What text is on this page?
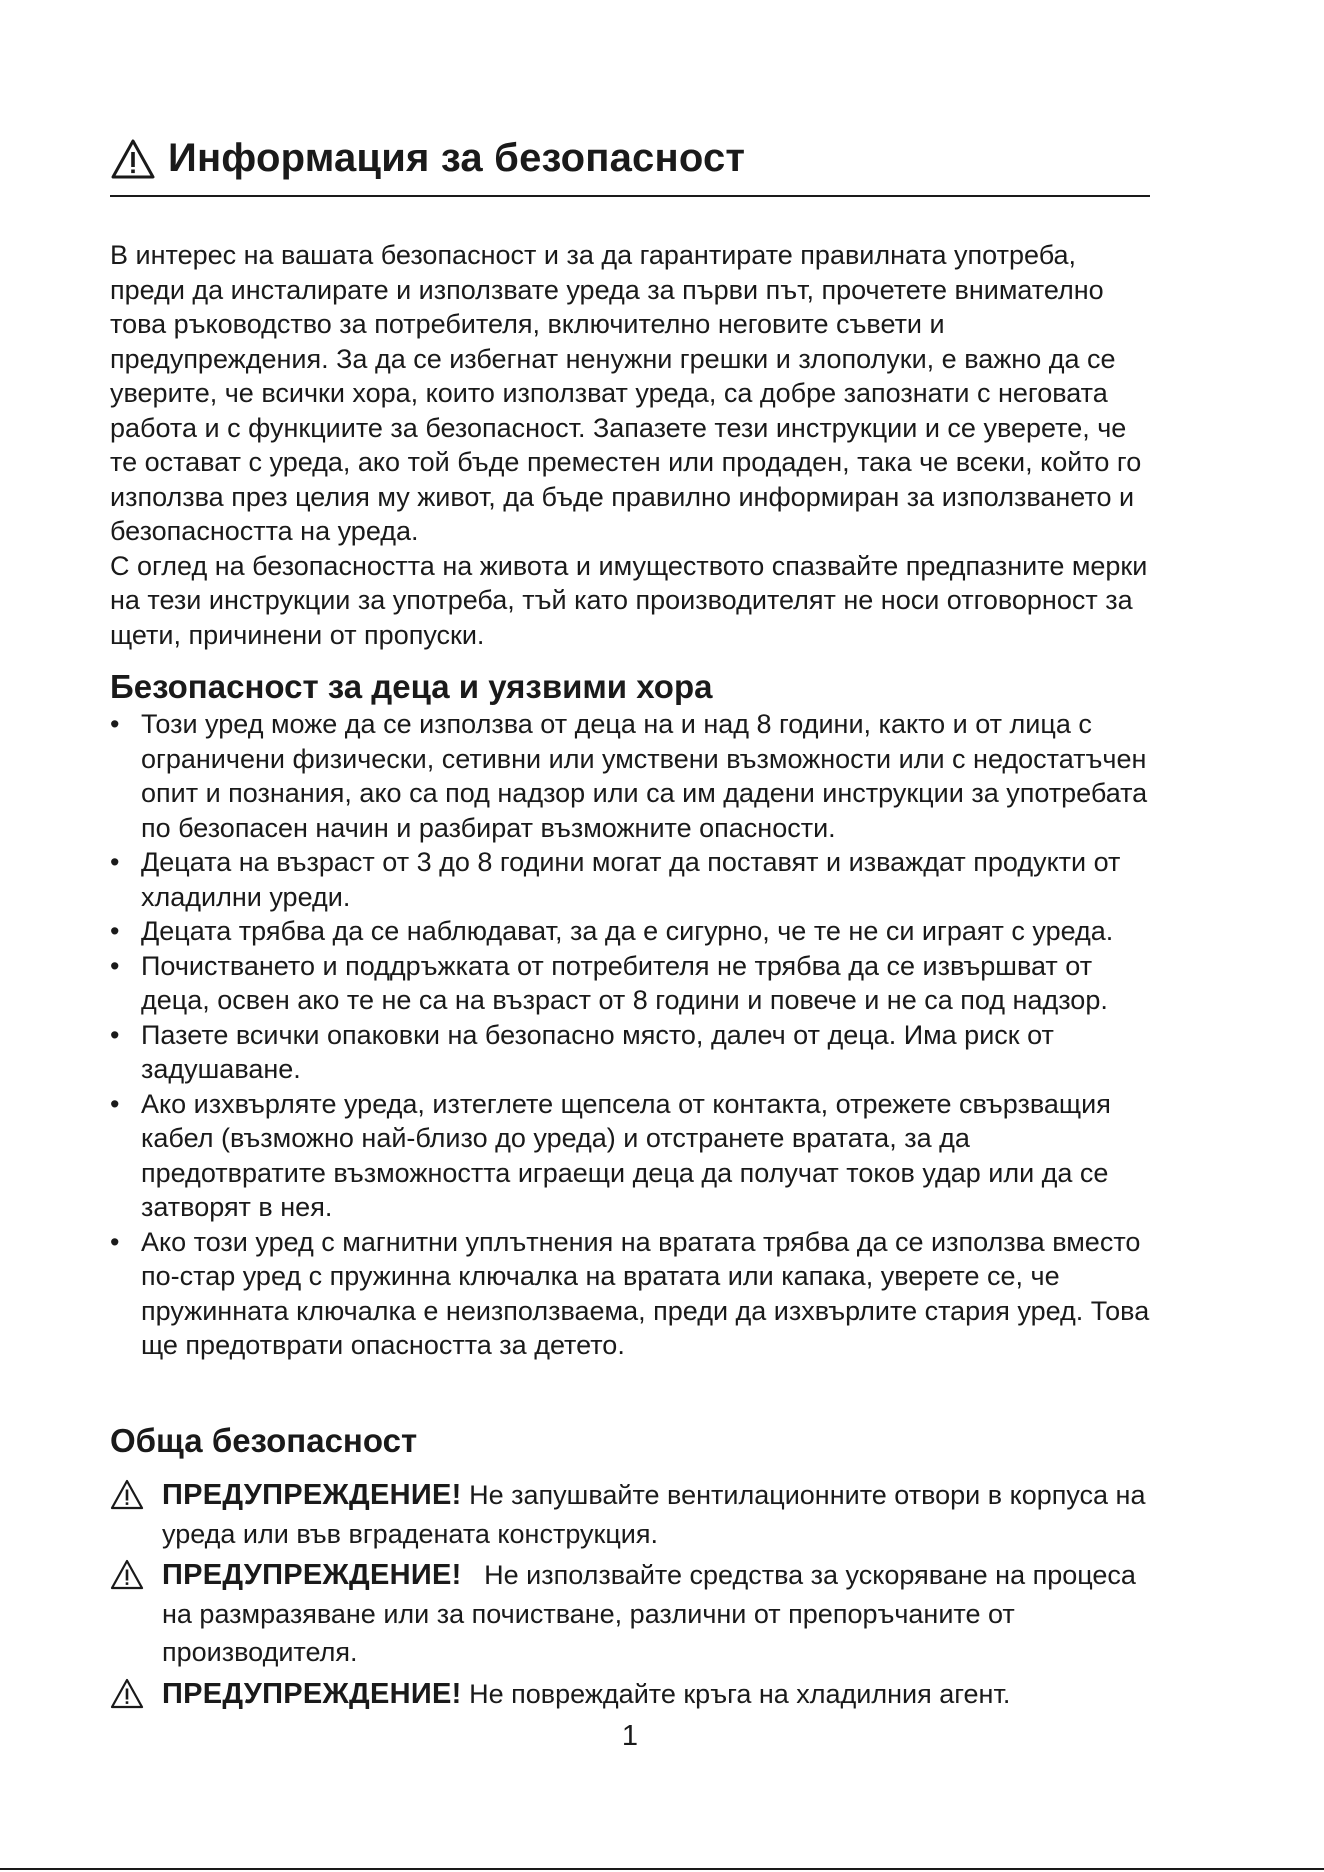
Информация за безопасност

В интерес на вашата безопасност и за да гарантирате правилната употреба, преди да инсталирате и използвате уреда за първи път, прочетете внимателно това ръководство за потребителя, включително неговите съвети и предупреждения. За да се избегнат ненужни грешки и злополуки, е важно да се уверите, че всички хора, които използват уреда, са добре запознати с неговата работа и с функциите за безопасност. Запазете тези инструкции и се уверете, че те остават с уреда, ако той бъде преместен или продаден, така че всеки, който го използва през целия му живот, да бъде правилно информиран за използването и безопасността на уреда.

С оглед на безопасността на живота и имуществото спазвайте предпазните мерки на тези инструкции за употреба, тъй като производителят не носи отговорност за щети, причинени от пропуски.

Безопасност за деца и уязвими хора
• Този уред може да се използва от деца на и над 8 години, както и от лица с ограничени физически, сетивни или умствени възможности или с недостатъчен опит и познания, ако са под надзор или са им дадени инструкции за употребата по безопасен начин и разбират възможните опасности.
• Децата на възраст от 3 до 8 години могат да поставят и изваждат продукти от хладилни уреди.
• Децата трябва да се наблюдават, за да е сигурно, че те не си играят с уреда.
• Почистването и поддръжката от потребителя не трябва да се извършват от деца, освен ако те не са на възраст от 8 години и повече и не са под надзор.
• Пазете всички опаковки на безопасно място, далеч от деца. Има риск от задушаване.
• Ако изхвърляте уреда, изтеглете щепсела от контакта, отрежете свързващия кабел (възможно най-близо до уреда) и отстранете вратата, за да предотвратите възможността играещи деца да получат токов удар или да се затворят в нея.
• Ако този уред с магнитни уплътнения на вратата трябва да се използва вместо по-стар уред с пружинна ключалка на вратата или капака, уверете се, че пружинната ключалка е неизползваема, преди да изхвърлите стария уред. Това ще предотврати опасността за детето.
Обща безопасност
ПРЕДУПРЕЖДЕНИЕ! Не запушвайте вентилационните отвори в корпуса на уреда или във вградената конструкция.
ПРЕДУПРЕЖДЕНИЕ! Не използвайте средства за ускоряване на процеса на размразяване или за почистване, различни от препоръчаните от производителя.
ПРЕДУПРЕЖДЕНИЕ! Не повреждайте кръга на хладилния агент.
1
